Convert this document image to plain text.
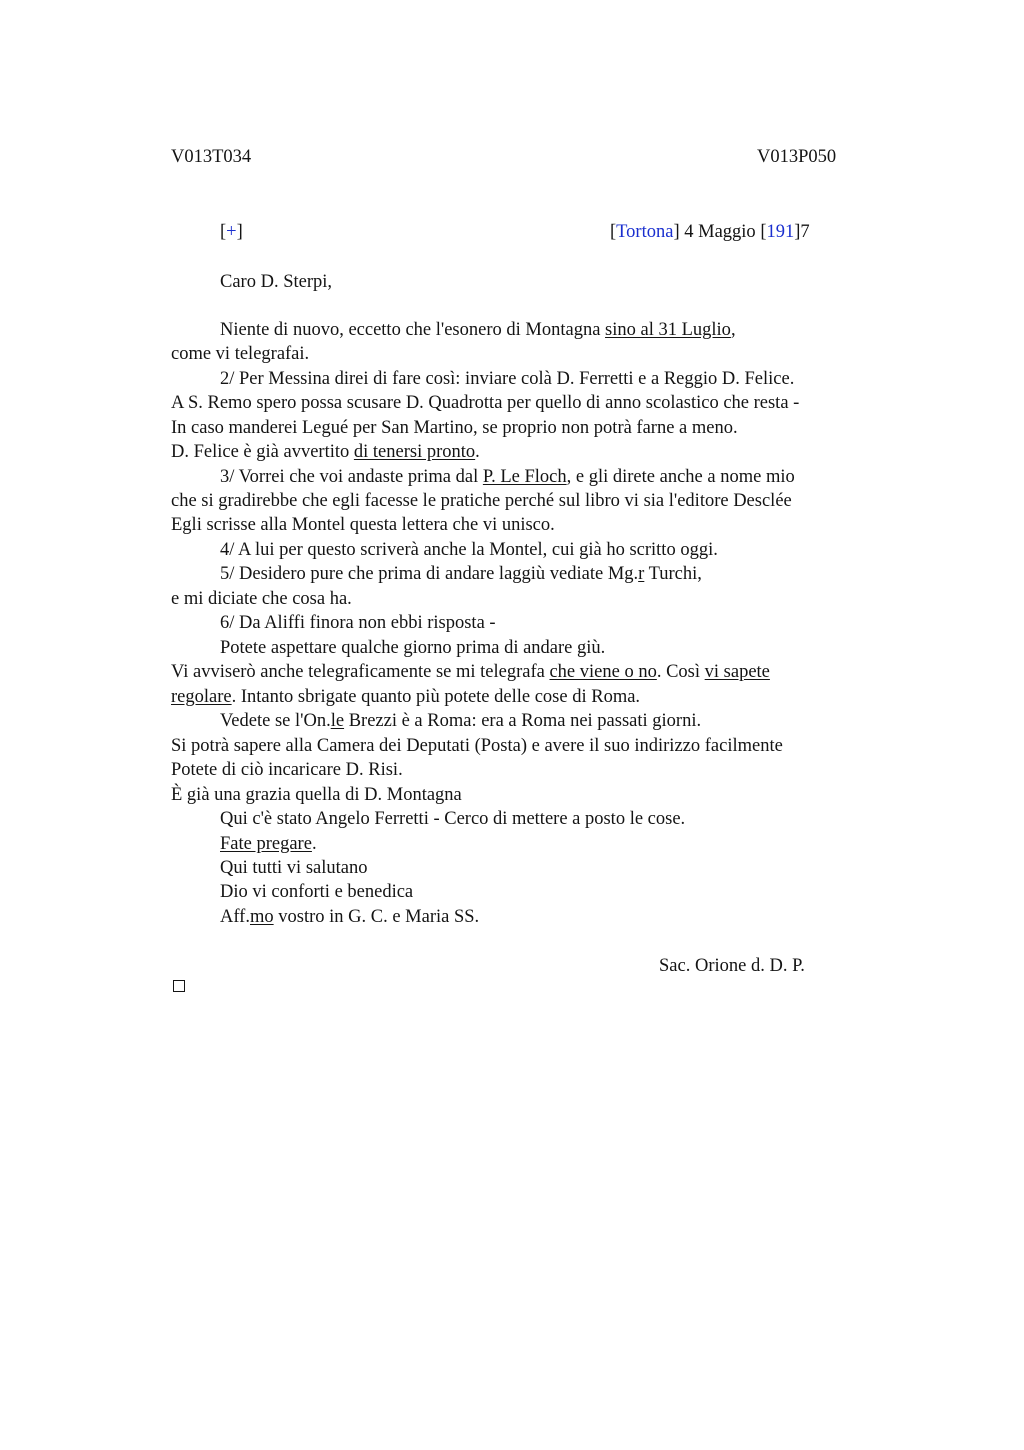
V013T034	V013P050
[+]	[Tortona] 4 Maggio [191]7
Caro D. Sterpi,
Niente di nuovo, eccetto che l'esonero di Montagna sino al 31 Luglio,
come vi telegrafai.
2/ Per Messina direi di fare così: inviare colà D. Ferretti e a Reggio D. Felice.
A S. Remo spero possa scusare D. Quadrotta per quello di anno scolastico che resta -
In caso manderei Legué per San Martino, se proprio non potrà farne a meno.
D. Felice è già avvertito di tenersi pronto.
3/ Vorrei che voi andaste prima dal P. Le Floch, e gli direte anche a nome mio
che si gradirebbe che egli facesse le pratiche perché sul libro vi sia l'editore Desclée
Egli scrisse alla Montel questa lettera che vi unisco.
4/ A lui per questo scriverà anche la Montel, cui già ho scritto oggi.
5/ Desidero pure che prima di andare laggiù vediate Mg.r Turchi,
e mi diciate che cosa ha.
6/ Da Aliffi finora non ebbi risposta -
Potete aspettare qualche giorno prima di andare giù.
Vi avviserò anche telegraficamente se mi telegrafa che viene o no. Così vi sapete
regolare. Intanto sbrigate quanto più potete delle cose di Roma.
Vedete se l'On.le Brezzi è a Roma: era a Roma nei passati giorni.
Si potrà sapere alla Camera dei Deputati (Posta) e avere il suo indirizzo facilmente
Potete di ciò incaricare D. Risi.
È già una grazia quella di D. Montagna
Qui c'è stato Angelo Ferretti - Cerco di mettere a posto le cose.
Fate pregare.
Qui tutti vi salutano
Dio vi conforti e benedica
Aff.mo vostro in G. C. e Maria SS.
Sac. Orione d. D. P.
